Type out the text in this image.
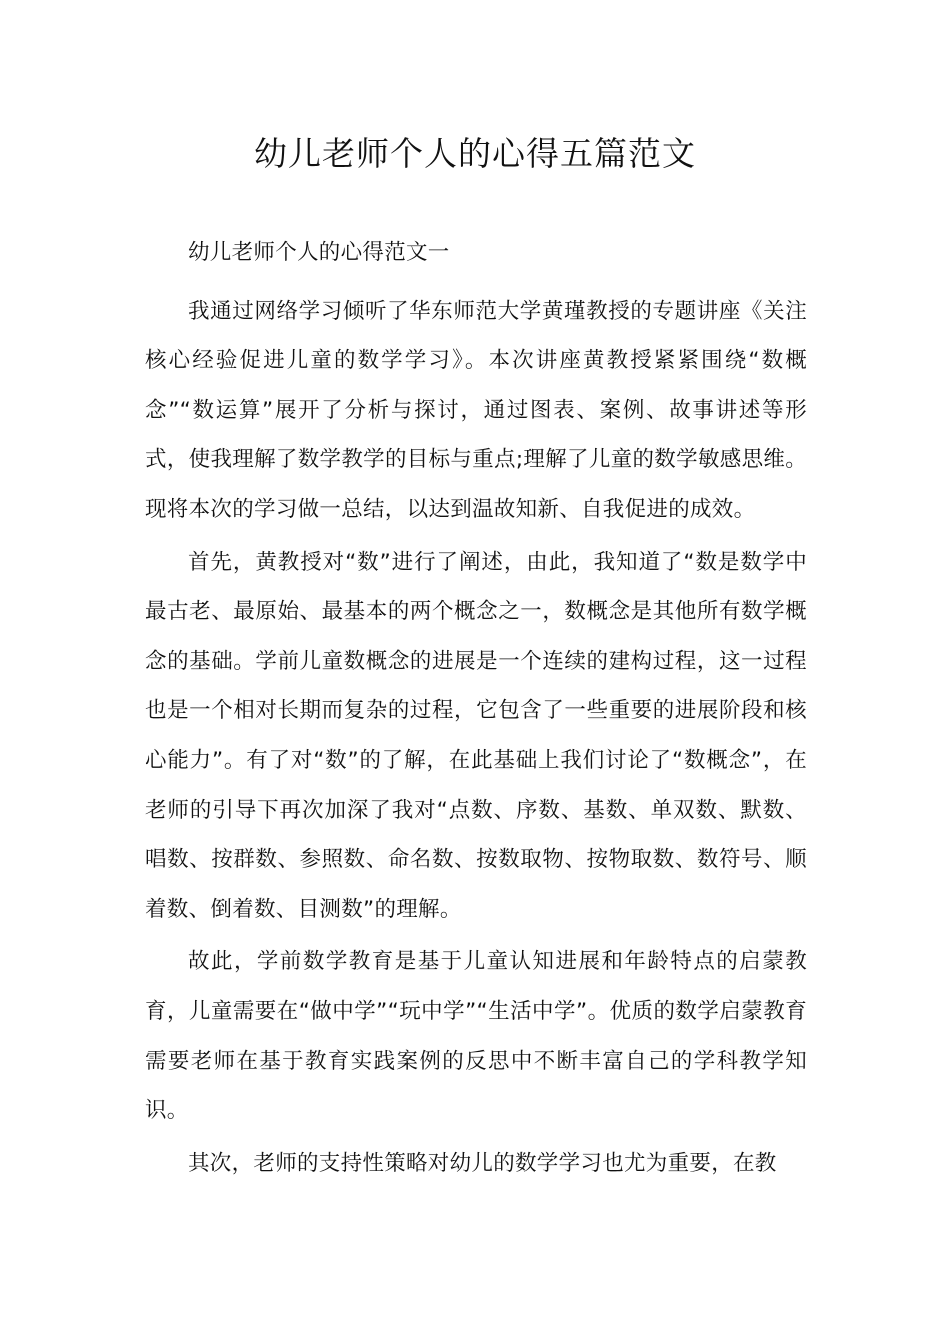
幼儿老师个人的心得五篇范文

幼儿老师个人的心得范文一

我通过网络学习倾听了华东师范大学黄瑾教授的专题讲座《关注核心经验促进儿童的数学学习》。本次讲座黄教授紧紧围绕“数概念”“数运算”展开了分析与探讨，通过图表、案例、故事讲述等形式，使我理解了数学教学的目标与重点;理解了儿童的数学敏感思维。现将本次的学习做一总结，以达到温故知新、自我促进的成效。

首先，黄教授对“数”进行了阐述，由此，我知道了“数是数学中最古老、最原始、最基本的两个概念之一，数概念是其他所有数学概念的基础。学前儿童数概念的进展是一个连续的建构过程，这一过程也是一个相对长期而复杂的过程，它包含了一些重要的进展阶段和核心能力”。有了对“数”的了解，在此基础上我们讨论了“数概念”，在老师的引导下再次加深了我对“点数、序数、基数、单双数、默数、唱数、按群数、参照数、命名数、按数取物、按物取数、数符号、顺着数、倒着数、目测数”的理解。

故此，学前数学教育是基于儿童认知进展和年龄特点的启蒙教育，儿童需要在“做中学”“玩中学”“生活中学”。优质的数学启蒙教育需要老师在基于教育实践案例的反思中不断丰富自己的学科教学知识。

其次，老师的支持性策略对幼儿的数学学习也尤为重要，在教
